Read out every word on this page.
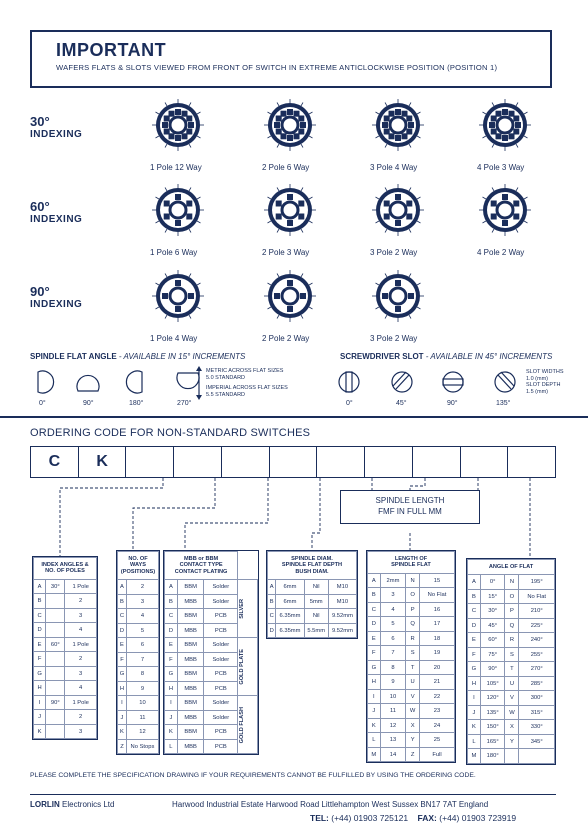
IMPORTANT
WAFERS FLATS & SLOTS VIEWED FROM FRONT OF SWITCH IN EXTREME ANTICLOCKWISE POSITION (POSITION 1)
30°
INDEXING
60°
INDEXING
90°
INDEXING
1 Pole 12 Way	2 Pole 6 Way	3 Pole 4 Way	4 Pole 3 Way
1 Pole 6 Way	2 Pole 3 Way	3 Pole 2 Way	4 Pole 2 Way
1 Pole 4 Way	2 Pole 2 Way	3 Pole 2 Way
SPINDLE FLAT ANGLE - AVAILABLE IN 15° INCREMENTS	SCREWDRIVER SLOT - AVAILABLE IN 45° INCREMENTS
0°	90°	180°	270°	0°	45°	90°	135°
METRIC ACROSS FLAT SIZES
5.0 STANDARD
IMPERIAL ACROSS FLAT SIZES
5.5 STANDARD
SLOT WIDTHS
1.0 (mm)
SLOT DEPTH
1.5 (mm)
ORDERING CODE FOR NON-STANDARD SWITCHES
C	K
SPINDLE LENGTH
FMF IN FULL MM
INDEX ANGLES &
NO. OF POLES		

A	30°	1 Pole
B		2
C		3
D		4
E	60°	1 Pole
F		2
G		3
H		4
I	90°	1 Pole
J		2
K		3
NO. OF
WAYS
(POSITIONS)	

A	2
B	3
C	4
D	5
E	6
F	7
G	8
H	9
I	10
J	11
K	12
Z	No Stops
MBB or BBM
CONTACT TYPE
CONTACT PLATING			

A	BBM	Solder	SILVER

B	MBB	Solder	
C	BBM	PCB	
D	MBB	PCB	
E	BBM	Solder	GOLD PLATE

F	MBB	Solder	
G	BBM	PCB	
H	MBB	PCB	
I	BBM	Solder	GOLD FLASH

J	MBB	Solder	
K	BBM	PCB	
L	MBB	PCB	
SPINDLE DIAM.
SPINDLE FLAT DEPTH
BUSH DIAM.			

A	6mm	Nil	M10
B	6mm	5mm	M10
C	6.35mm	Nil	9.52mm
D	6.35mm	5.5mm	9.52mm
LENGTH OF
SPINDLE FLAT			

A	2mm	N	15
B	3	O	No Flat
C	4	P	16
D	5	Q	17
E	6	R	18
F	7	S	19
G	8	T	20
H	9	U	21
I	10	V	22
J	11	W	23
K	12	X	24
L	13	Y	25
M	14	Z	Full
ANGLE OF FLAT			

A	0°	N	195°
B	15°	O	No Flat
C	30°	P	210°
D	45°	Q	225°
E	60°	R	240°
F	75°	S	255°
G	90°	T	270°
H	105°	U	285°
I	120°	V	300°
J	135°	W	315°
K	150°	X	330°
L	165°	Y	345°
M	180°		
PLEASE COMPLETE THE SPECIFICATION DRAWING IF YOUR REQUIREMENTS CANNOT BE FULFILLED BY USING THE ORDERING CODE.
LORLIN Electronics Ltd	Harwood Industrial Estate Harwood Road Littlehampton West Sussex BN17 7AT England
TEL: (+44) 01903 725121 FAX: (+44) 01903 723919
